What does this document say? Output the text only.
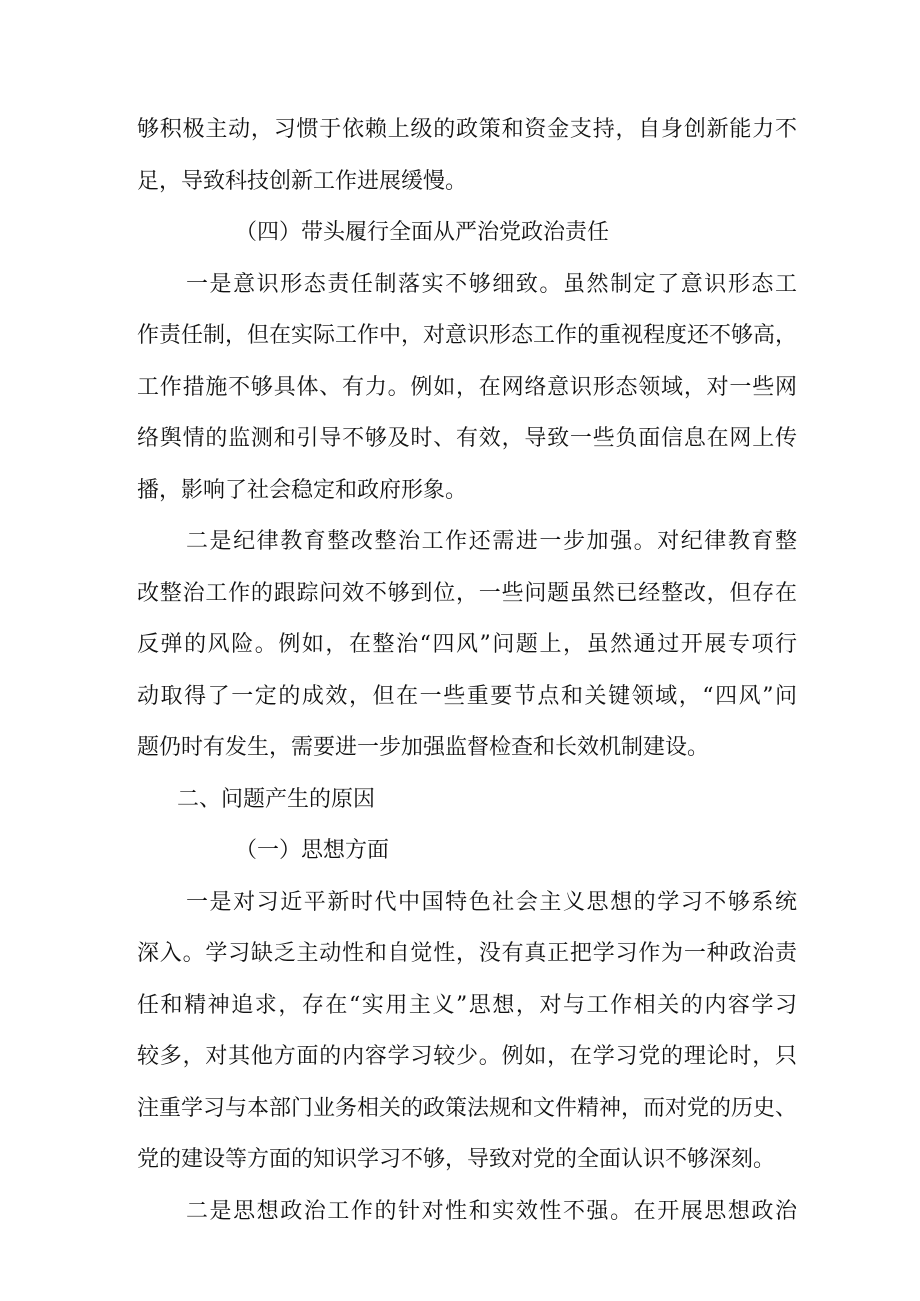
够积极主动，习惯于依赖上级的政策和资金支持，自身创新能力不
足，导致科技创新工作进展缓慢。
（四）带头履行全面从严治党政治责任
一是意识形态责任制落实不够细致。虽然制定了意识形态工
作责任制，但在实际工作中，对意识形态工作的重视程度还不够高，
工作措施不够具体、有力。例如，在网络意识形态领域，对一些网
络舆情的监测和引导不够及时、有效，导致一些负面信息在网上传
播，影响了社会稳定和政府形象。
二是纪律教育整改整治工作还需进一步加强。对纪律教育整
改整治工作的跟踪问效不够到位，一些问题虽然已经整改，但存在
反弹的风险。例如，在整治“四风”问题上，虽然通过开展专项行
动取得了一定的成效，但在一些重要节点和关键领域，“四风”问
题仍时有发生，需要进一步加强监督检查和长效机制建设。
二、问题产生的原因
（一）思想方面
一是对习近平新时代中国特色社会主义思想的学习不够系统
深入。学习缺乏主动性和自觉性，没有真正把学习作为一种政治责
任和精神追求，存在“实用主义”思想，对与工作相关的内容学习
较多，对其他方面的内容学习较少。例如，在学习党的理论时，只
注重学习与本部门业务相关的政策法规和文件精神，而对党的历史、
党的建设等方面的知识学习不够，导致对党的全面认识不够深刻。
二是思想政治工作的针对性和实效性不强。在开展思想政治
